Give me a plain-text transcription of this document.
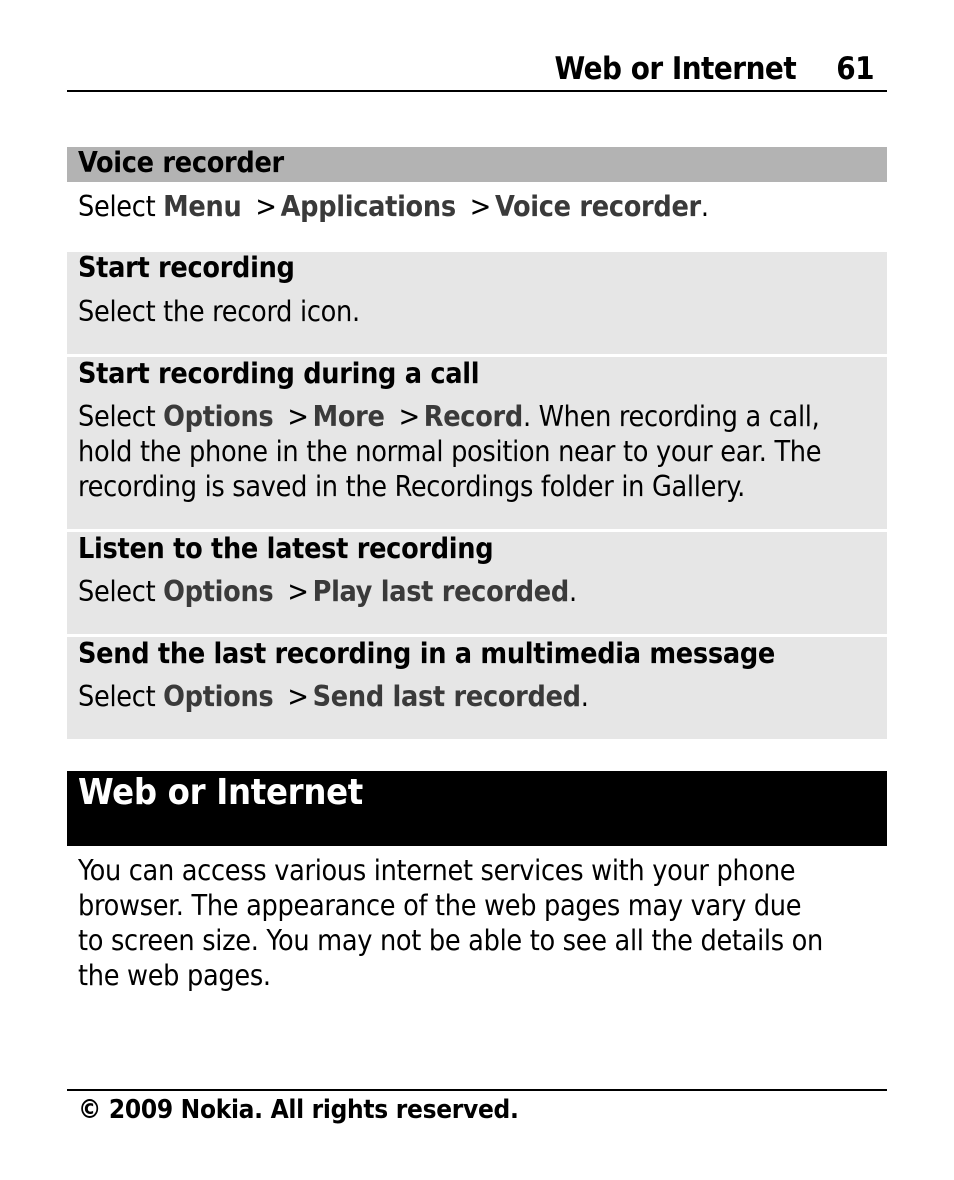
Web or Internet 61
Voice recorder
Select Menu > Applications > Voice recorder.
Start recording
Select the record icon.
Start recording during a call
Select Options > More > Record. When recording a call,
hold the phone in the normal position near to your ear. The
recording is saved in the Recordings folder in Gallery.
Listen to the latest recording
Select Options > Play last recorded.
Send the last recording in a multimedia message
Select Options > Send last recorded.
Web or Internet
You can access various internet services with your phone
browser. The appearance of the web pages may vary due
to screen size. You may not be able to see all the details on
the web pages.
© 2009 Nokia. All rights reserved.
